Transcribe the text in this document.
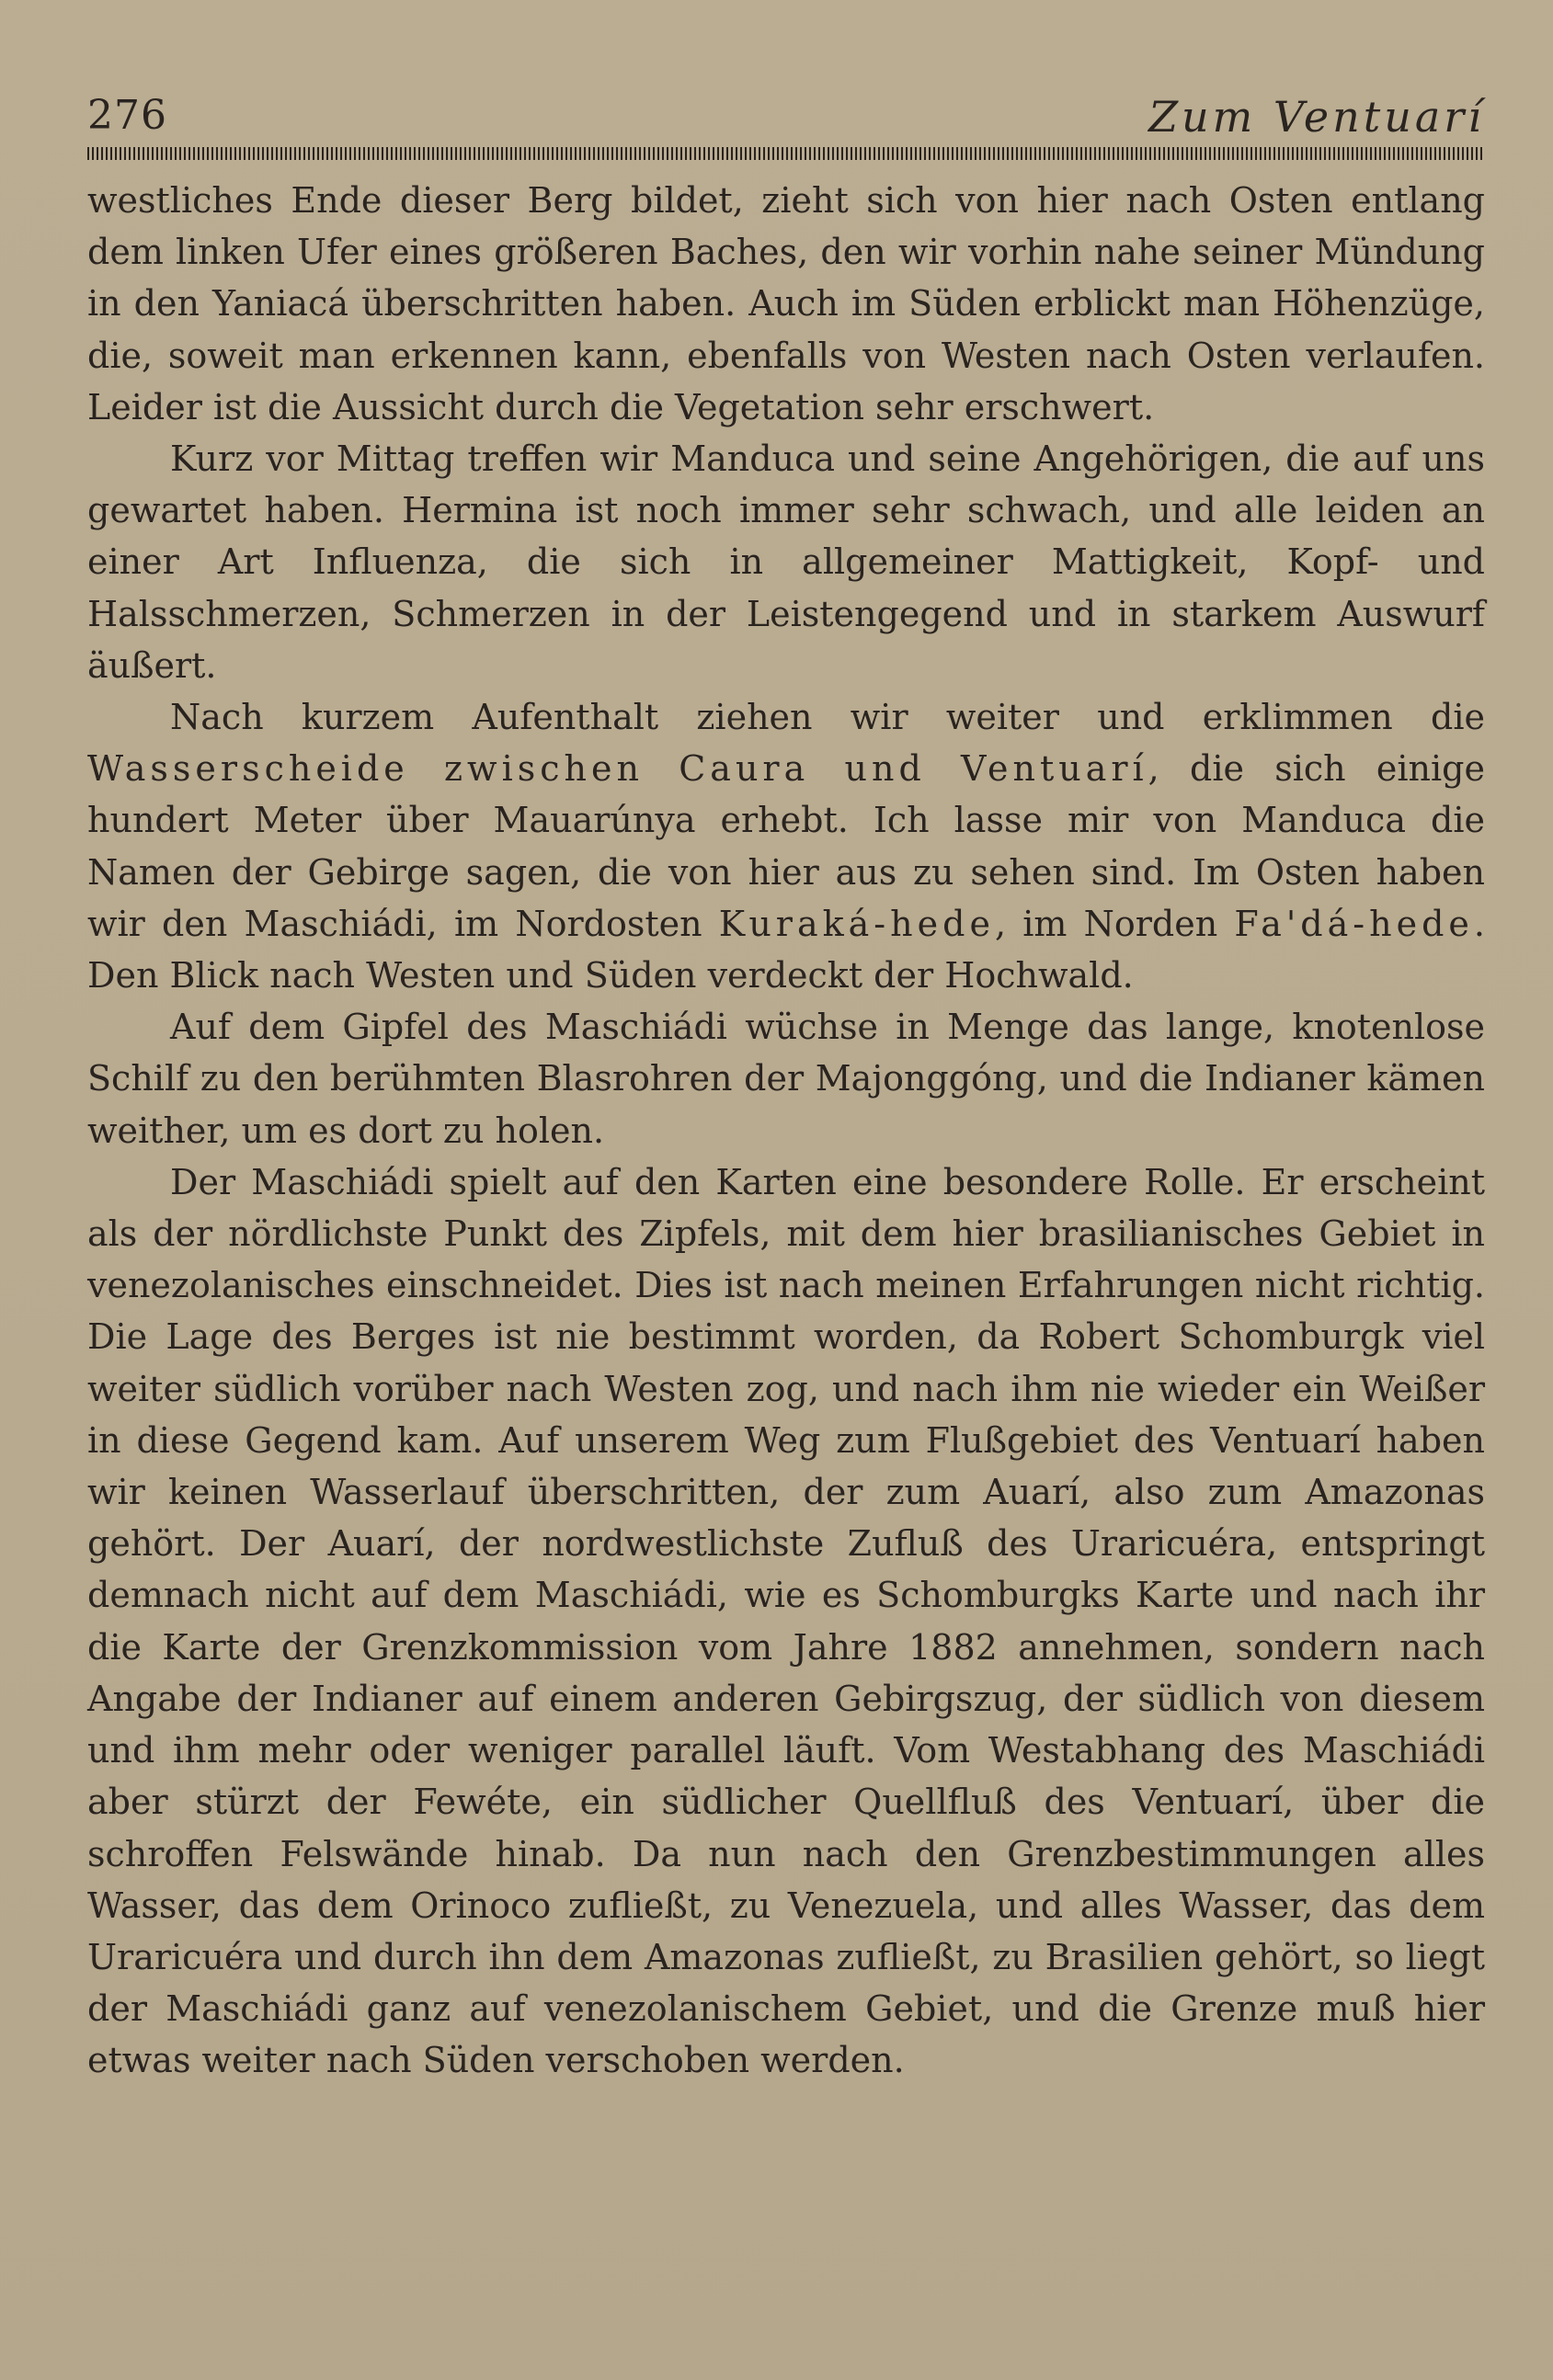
276	Zum Ventuarí

westliches Ende dieser Berg bildet, zieht sich von hier nach Osten entlang dem linken Ufer eines größeren Baches, den wir vorhin nahe seiner Mündung in den Yaniacá überschritten haben. Auch im Süden erblickt man Höhenzüge, die, soweit man erkennen kann, ebenfalls von Westen nach Osten verlaufen. Leider ist die Aussicht durch die Vegetation sehr erschwert.

Kurz vor Mittag treffen wir Manduca und seine Angehörigen, die auf uns gewartet haben. Hermina ist noch immer sehr schwach, und alle leiden an einer Art Influenza, die sich in allgemeiner Mattigkeit, Kopf- und Halsschmerzen, Schmerzen in der Leistengegend und in starkem Auswurf äußert.

Nach kurzem Aufenthalt ziehen wir weiter und erklimmen die Wasserscheide zwischen Caura und Ventuarí, die sich einige hundert Meter über Mauarúnya erhebt. Ich lasse mir von Manduca die Namen der Gebirge sagen, die von hier aus zu sehen sind. Im Osten haben wir den Maschiádi, im Nordosten Kuraká-hede, im Norden Fa'dá-hede. Den Blick nach Westen und Süden verdeckt der Hochwald.

Auf dem Gipfel des Maschiádi wüchse in Menge das lange, knotenlose Schilf zu den berühmten Blasrohren der Majonggóng, und die Indianer kämen weither, um es dort zu holen.

Der Maschiádi spielt auf den Karten eine besondere Rolle. Er erscheint als der nördlichste Punkt des Zipfels, mit dem hier brasilianisches Gebiet in venezolanisches einschneidet. Dies ist nach meinen Erfahrungen nicht richtig. Die Lage des Berges ist nie bestimmt worden, da Robert Schomburgk viel weiter südlich vorüber nach Westen zog, und nach ihm nie wieder ein Weißer in diese Gegend kam. Auf unserem Weg zum Flußgebiet des Ventuarí haben wir keinen Wasserlauf überschritten, der zum Auarí, also zum Amazonas gehört. Der Auarí, der nordwestlichste Zufluß des Uraricuéra, entspringt demnach nicht auf dem Maschiádi, wie es Schomburgks Karte und nach ihr die Karte der Grenzkommission vom Jahre 1882 annehmen, sondern nach Angabe der Indianer auf einem anderen Gebirgszug, der südlich von diesem und ihm mehr oder weniger parallel läuft. Vom Westabhang des Maschiádi aber stürzt der Fewéte, ein südlicher Quellfluß des Ventuarí, über die schroffen Felswände hinab. Da nun nach den Grenzbestimmungen alles Wasser, das dem Orinoco zufließt, zu Venezuela, und alles Wasser, das dem Uraricuéra und durch ihn dem Amazonas zufließt, zu Brasilien gehört, so liegt der Maschiádi ganz auf venezolanischem Gebiet, und die Grenze muß hier etwas weiter nach Süden verschoben werden.
